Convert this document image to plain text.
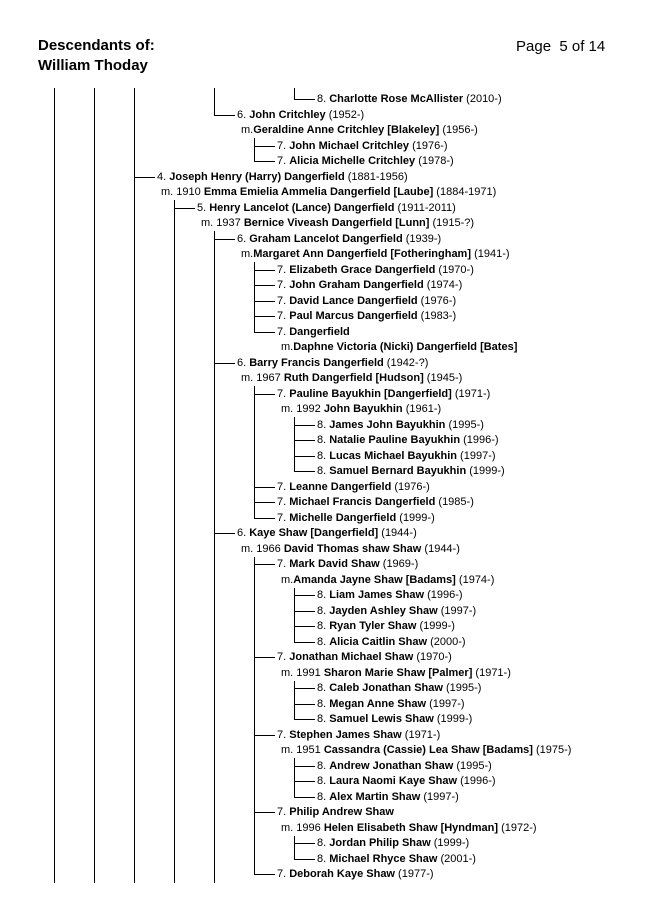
Descendants of:
William Thoday
Page  5 of 14
8. Charlotte Rose McAllister (2010-)
6. John Critchley (1952-)
m.Geraldine Anne Critchley [Blakeley] (1956-)
7. John Michael Critchley (1976-)
7. Alicia Michelle Critchley (1978-)
4. Joseph Henry (Harry) Dangerfield (1881-1956)
m. 1910 Emma Emielia Ammelia Dangerfield [Laube] (1884-1971)
5. Henry Lancelot (Lance) Dangerfield (1911-2011)
m. 1937 Bernice Viveash Dangerfield [Lunn] (1915-?)
6. Graham Lancelot Dangerfield (1939-)
m.Margaret Ann Dangerfield [Fotheringham] (1941-)
7. Elizabeth Grace Dangerfield (1970-)
7. John Graham Dangerfield (1974-)
7. David Lance Dangerfield (1976-)
7. Paul Marcus Dangerfield (1983-)
7. Dangerfield
m.Daphne Victoria (Nicki) Dangerfield [Bates]
6. Barry Francis Dangerfield (1942-?)
m. 1967 Ruth Dangerfield [Hudson] (1945-)
7. Pauline Bayukhin [Dangerfield] (1971-)
m. 1992 John Bayukhin (1961-)
8. James John Bayukhin (1995-)
8. Natalie Pauline Bayukhin (1996-)
8. Lucas Michael Bayukhin (1997-)
8. Samuel Bernard Bayukhin (1999-)
7. Leanne Dangerfield (1976-)
7. Michael Francis Dangerfield (1985-)
7. Michelle Dangerfield (1999-)
6. Kaye Shaw [Dangerfield] (1944-)
m. 1966 David Thomas shaw Shaw (1944-)
7. Mark David Shaw (1969-)
m.Amanda Jayne Shaw [Badams] (1974-)
8. Liam James Shaw (1996-)
8. Jayden Ashley Shaw (1997-)
8. Ryan Tyler Shaw (1999-)
8. Alicia Caitlin Shaw (2000-)
7. Jonathan Michael Shaw (1970-)
m. 1991 Sharon Marie Shaw [Palmer] (1971-)
8. Caleb Jonathan Shaw (1995-)
8. Megan Anne Shaw (1997-)
8. Samuel Lewis Shaw (1999-)
7. Stephen James Shaw (1971-)
m. 1951 Cassandra (Cassie) Lea Shaw [Badams] (1975-)
8. Andrew Jonathan Shaw (1995-)
8. Laura Naomi Kaye Shaw (1996-)
8. Alex Martin Shaw (1997-)
7. Philip Andrew Shaw
m. 1996 Helen Elisabeth Shaw [Hyndman] (1972-)
8. Jordan Philip Shaw (1999-)
8. Michael Rhyce Shaw (2001-)
7. Deborah Kaye Shaw (1977-)
